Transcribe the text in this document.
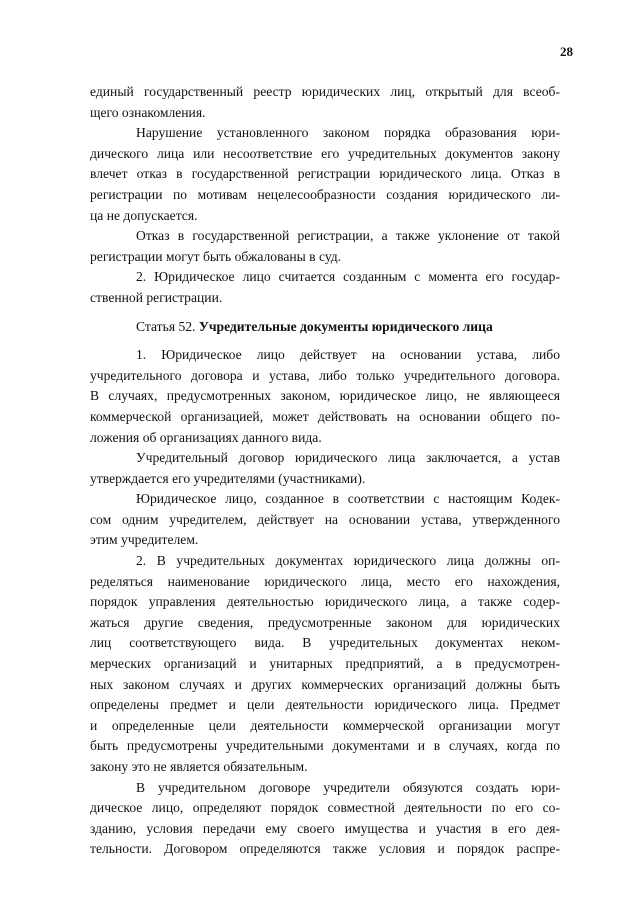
28
единый государственный реестр юридических лиц, открытый для всеоб-
щего ознакомления.
Нарушение установленного законом порядка образования юри-
дического лица или несоответствие его учредительных документов закону
влечет отказ в государственной регистрации юридического лица. Отказ в
регистрации по мотивам нецелесообразности создания юридического ли-
ца не допускается.
Отказ в государственной регистрации, а также уклонение от такой
регистрации могут быть обжалованы в суд.
2. Юридическое лицо считается созданным с момента его государ-
ственной регистрации.
Статья 52. Учредительные документы юридического лица
1. Юридическое лицо действует на основании устава, либо
учредительного договора и устава, либо только учредительного договора.
В случаях, предусмотренных законом, юридическое лицо, не являющееся
коммерческой организацией, может действовать на основании общего по-
ложения об организациях данного вида.
Учредительный договор юридического лица заключается, а устав
утверждается его учредителями (участниками).
Юридическое лицо, созданное в соответствии с настоящим Кодек-
сом одним учредителем, действует на основании устава, утвержденного
этим учредителем.
2. В учредительных документах юридического лица должны оп-
ределяться наименование юридического лица, место его нахождения,
порядок управления деятельностью юридического лица, а также содер-
жаться другие сведения, предусмотренные законом для юридических
лиц соответствующего вида. В учредительных документах неком-
мерческих организаций и унитарных предприятий, а в предусмотрен-
ных законом случаях и других коммерческих организаций должны быть
определены предмет и цели деятельности юридического лица. Предмет
и определенные цели деятельности коммерческой организации могут
быть предусмотрены учредительными документами и в случаях, когда по
закону это не является обязательным.
В учредительном договоре учредители обязуются создать юри-
дическое лицо, определяют порядок совместной деятельности по его со-
зданию, условия передачи ему своего имущества и участия в его дея-
тельности. Договором определяются также условия и порядок распре-
